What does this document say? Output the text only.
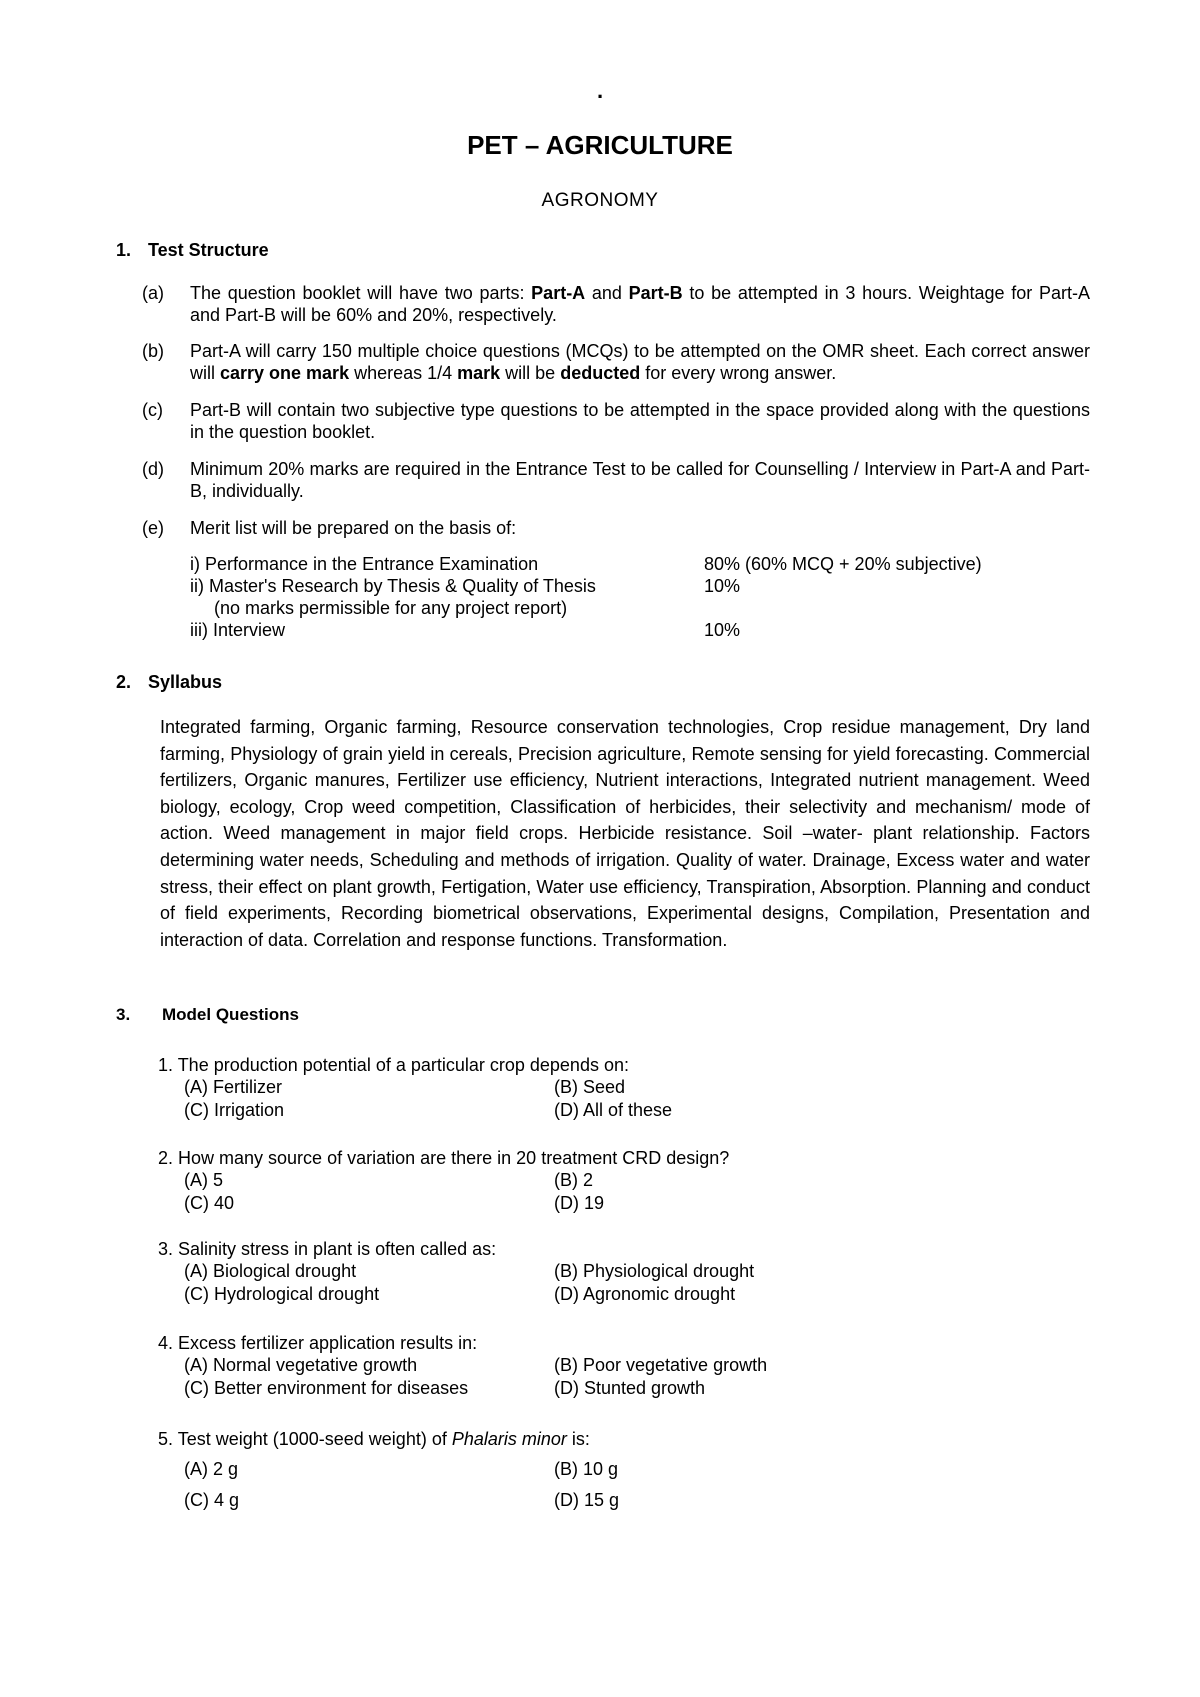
.
PET – AGRICULTURE
AGRONOMY
1. Test Structure
(a) The question booklet will have two parts: Part-A and Part-B to be attempted in 3 hours. Weightage for Part-A and Part-B will be 60% and 20%, respectively.
(b) Part-A will carry 150 multiple choice questions (MCQs) to be attempted on the OMR sheet. Each correct answer will carry one mark whereas 1/4 mark will be deducted for every wrong answer.
(c) Part-B will contain two subjective type questions to be attempted in the space provided along with the questions in the question booklet.
(d) Minimum 20% marks are required in the Entrance Test to be called for Counselling / Interview in Part-A and Part-B, individually.
(e) Merit list will be prepared on the basis of:
i) Performance in the Entrance Examination	80% (60% MCQ + 20% subjective)
ii) Master's Research by Thesis & Quality of Thesis	10%
(no marks permissible for any project report)
iii) Interview	10%
2. Syllabus
Integrated farming, Organic farming, Resource conservation technologies, Crop residue management, Dry land farming, Physiology of grain yield in cereals, Precision agriculture, Remote sensing for yield forecasting. Commercial fertilizers, Organic manures, Fertilizer use efficiency, Nutrient interactions, Integrated nutrient management. Weed biology, ecology, Crop weed competition, Classification of herbicides, their selectivity and mechanism/ mode of action. Weed management in major field crops. Herbicide resistance. Soil –water- plant relationship. Factors determining water needs, Scheduling and methods of irrigation. Quality of water. Drainage, Excess water and water stress, their effect on plant growth, Fertigation, Water use efficiency, Transpiration, Absorption. Planning and conduct of field experiments, Recording biometrical observations, Experimental designs, Compilation, Presentation and interaction of data. Correlation and response functions. Transformation.
3. Model Questions
1. The production potential of a particular crop depends on:
(A) Fertilizer	(B) Seed
(C) Irrigation	(D) All of these
2. How many source of variation are there in 20 treatment CRD design?
(A) 5	(B) 2
(C) 40	(D) 19
3. Salinity stress in plant is often called as:
(A) Biological drought	(B) Physiological drought
(C) Hydrological drought	(D) Agronomic drought
4. Excess fertilizer application results in:
(A) Normal vegetative growth	(B) Poor vegetative growth
(C) Better environment for diseases	(D) Stunted growth
5. Test weight (1000-seed weight) of Phalaris minor is:
(A) 2 g	(B) 10 g
(C) 4 g	(D) 15 g
